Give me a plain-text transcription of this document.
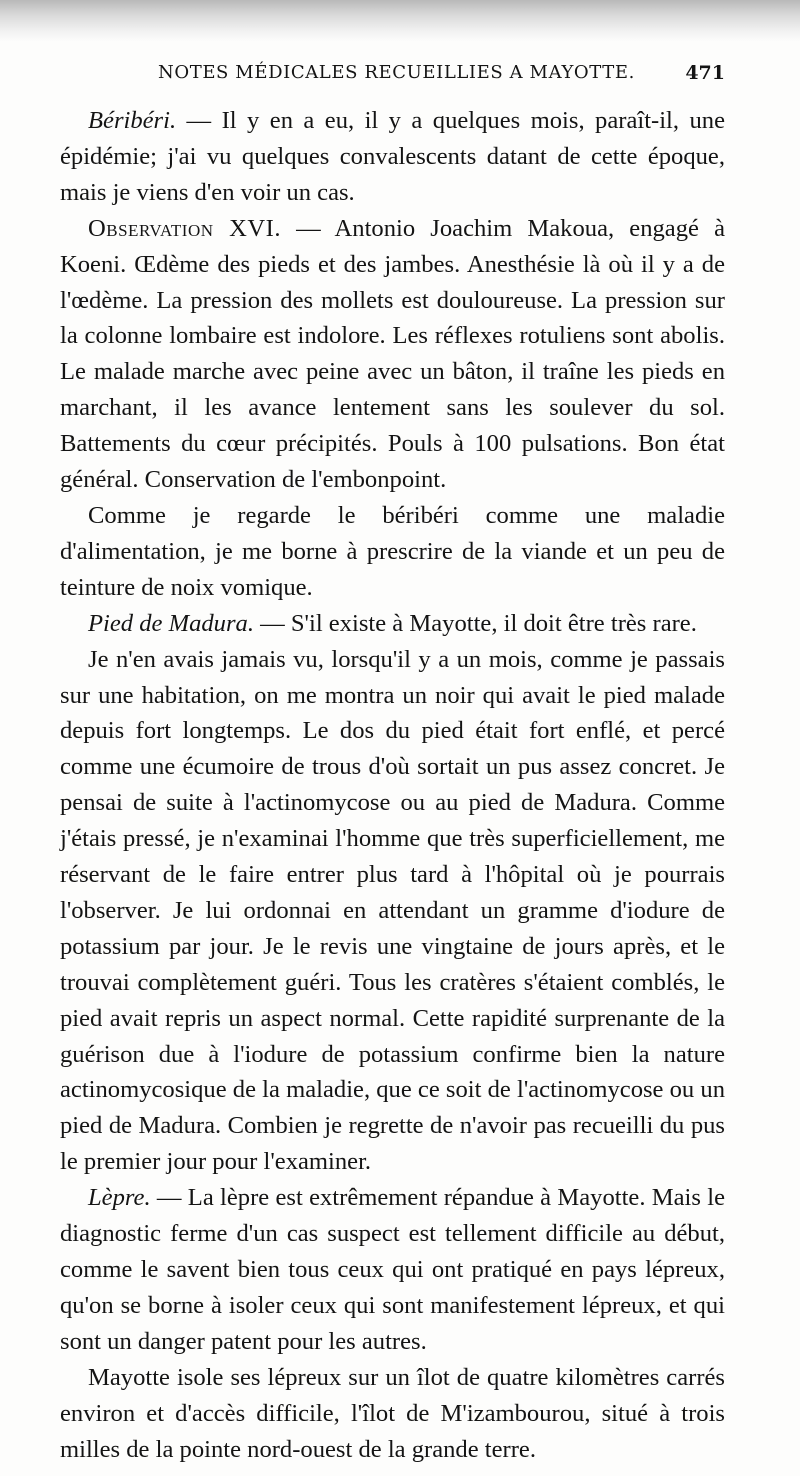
NOTES MÉDICALES RECUEILLIES A MAYOTTE.	471

Béribéri. — Il y en a eu, il y a quelques mois, paraît-il, une épidémie; j'ai vu quelques convalescents datant de cette époque, mais je viens d'en voir un cas.

Observation XVI. — Antonio Joachim Makoua, engagé à Koeni. Œdème des pieds et des jambes. Anesthésie là où il y a de l'œdème. La pression des mollets est douloureuse. La pression sur la colonne lombaire est indolore. Les réflexes rotuliens sont abolis. Le malade marche avec peine avec un bâton, il traîne les pieds en marchant, il les avance lentement sans les soulever du sol. Battements du cœur précipités. Pouls à 100 pulsations. Bon état général. Conservation de l'embonpoint.

Comme je regarde le béribéri comme une maladie d'alimentation, je me borne à prescrire de la viande et un peu de teinture de noix vomique.

Pied de Madura. — S'il existe à Mayotte, il doit être très rare.

Je n'en avais jamais vu, lorsqu'il y a un mois, comme je passais sur une habitation, on me montra un noir qui avait le pied malade depuis fort longtemps. Le dos du pied était fort enflé, et percé comme une écumoire de trous d'où sortait un pus assez concret. Je pensai de suite à l'actinomycose ou au pied de Madura. Comme j'étais pressé, je n'examinai l'homme que très superficiellement, me réservant de le faire entrer plus tard à l'hôpital où je pourrais l'observer. Je lui ordonnai en attendant un gramme d'iodure de potassium par jour. Je le revis une vingtaine de jours après, et le trouvai complètement guéri. Tous les cratères s'étaient comblés, le pied avait repris un aspect normal. Cette rapidité surprenante de la guérison due à l'iodure de potassium confirme bien la nature actinomycosique de la maladie, que ce soit de l'actinomycose ou un pied de Madura. Combien je regrette de n'avoir pas recueilli du pus le premier jour pour l'examiner.

Lèpre. — La lèpre est extrêmement répandue à Mayotte. Mais le diagnostic ferme d'un cas suspect est tellement difficile au début, comme le savent bien tous ceux qui ont pratiqué en pays lépreux, qu'on se borne à isoler ceux qui sont manifestement lépreux, et qui sont un danger patent pour les autres.

Mayotte isole ses lépreux sur un îlot de quatre kilomètres carrés environ et d'accès difficile, l'îlot de M'izambourou, situé à trois milles de la pointe nord-ouest de la grande terre.
